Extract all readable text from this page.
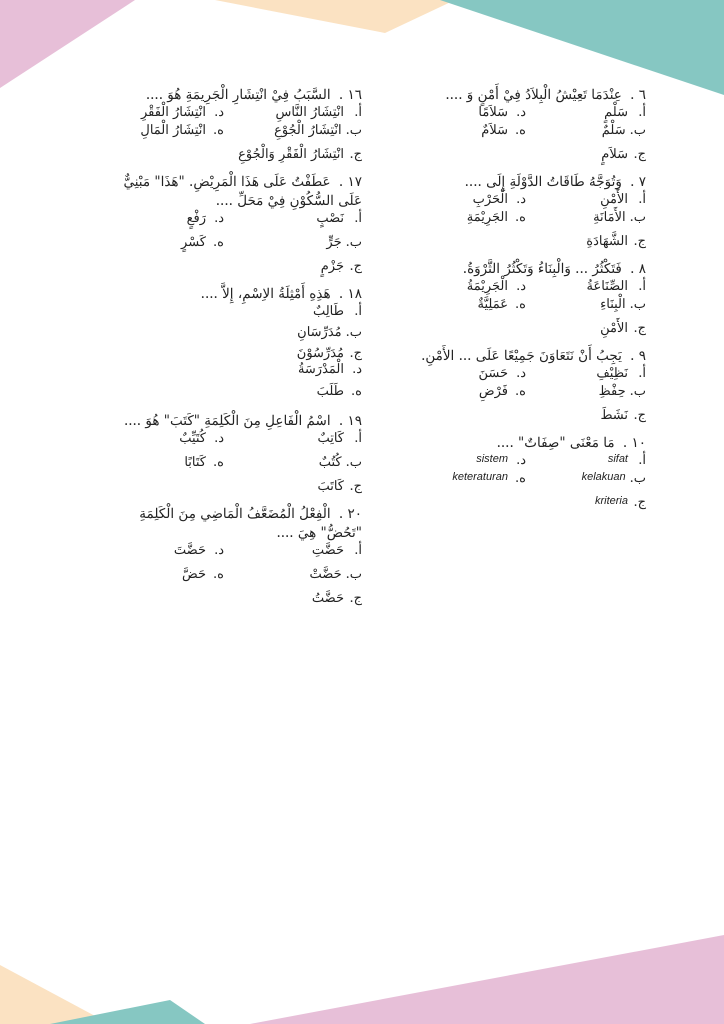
٦ . عِنْدَمَا تَعِيْشُ الْبِلاَدُ فِيْ أَمْنٍ وَ ....
أ.
سَلْمٍ
د.
سَلاَمًا
ب.
سَلْمٌ
ه.
سَلاَمٌ
ج.
سَلاَمٍ
٧ . وَتُوَجَّهُ طَاقَاتُ الدَّوْلَةِ إِلَى ....
أ.
الأَمْنِ
د.
الْحَرْبِ
ب.
الأَمَانَةِ
ه.
الجَرِيْمَةِ
ج.
الشَّهَادَةِ
٨ . فَتَكْثُرُ ... وَالْبِنَاءُ وَتَكْثُرُ الثَّرْوَةُ.
أ.
الصِّنَاعَةُ
د.
الْجَرِيْمَةُ
ب.
الْبِنَاءِ
ه.
عَمَلِيَّةٌ
ج.
الأَمْنِ
٩ . يَجِبُ أَنْ نَتَعَاوَنَ جَمِيْعًا عَلَى ... الأَمْنِ.
أ.
نَظِيْفِ
د.
حَسَنَ
ب.
حِفْظِ
ه.
فَرْضِ
ج.
نَشَطَ
١٠ . مَا مَعْنَى "صِفَاتٌ" ....
أ.
sifat
د.
sistem
ب.
kelakuan
ه.
keteraturan
ج.
kriteria
١٦ . السَّبَبُ فِيْ انْتِشَارِ الْجَرِيمَةِ هُوَ ....
أ.
انْتِشَارُ النَّاسِ
د.
انْتِشَارُ الْفَقْرِ
ب.
انْتِشَارُ الْجُوْعِ
ه.
انْتِشَارُ الْمَالِ
ج.
انْتِشَارُ الْفَقْرِ وَالْجُوْعِ
١٧ . عَطَفْتُ عَلَى هَذَا الْمَرِيْضِ. "هَذَا" مَبْنِيٌّ عَلَى السُّكُوْنِ فِيْ مَحَلِّ ....
أ.
نَصْبٍ
د.
رَفْعٍ
ب.
جَرٍّ
ه.
كَسْرٍ
ج.
جَزْمٍ
١٨ . هَذِهِ أَمْثِلَةُ الاِسْمِ، إِلاَّ ....
أ.
طَالِبٌ
ب.
مُدَرِّسَانِ
ج.
مُدَرِّسُوْنَ
د.
الْمَدْرَسَةُ
ه.
طَلَبَ
١٩ . اسْمُ الْفَاعِلِ مِنَ الْكَلِمَةِ "كَتَبَ" هُوَ ....
أ.
كَاتِبٌ
د.
كُتَيِّبٌ
ب.
كُتُبٌ
ه.
كَتَابًا
ج.
كَاتَبَ
٢٠ . الْفِعْلُ الْمُضَعَّفُ الْمَاضِي مِنَ الْكَلِمَةِ "تَحُضُّ" هِيَ ....
أ.
حَضَّتِ
د.
حَضَّتَ
ب.
حَضَّتْ
ه.
حَضَّ
ج.
حَضَّتُ
